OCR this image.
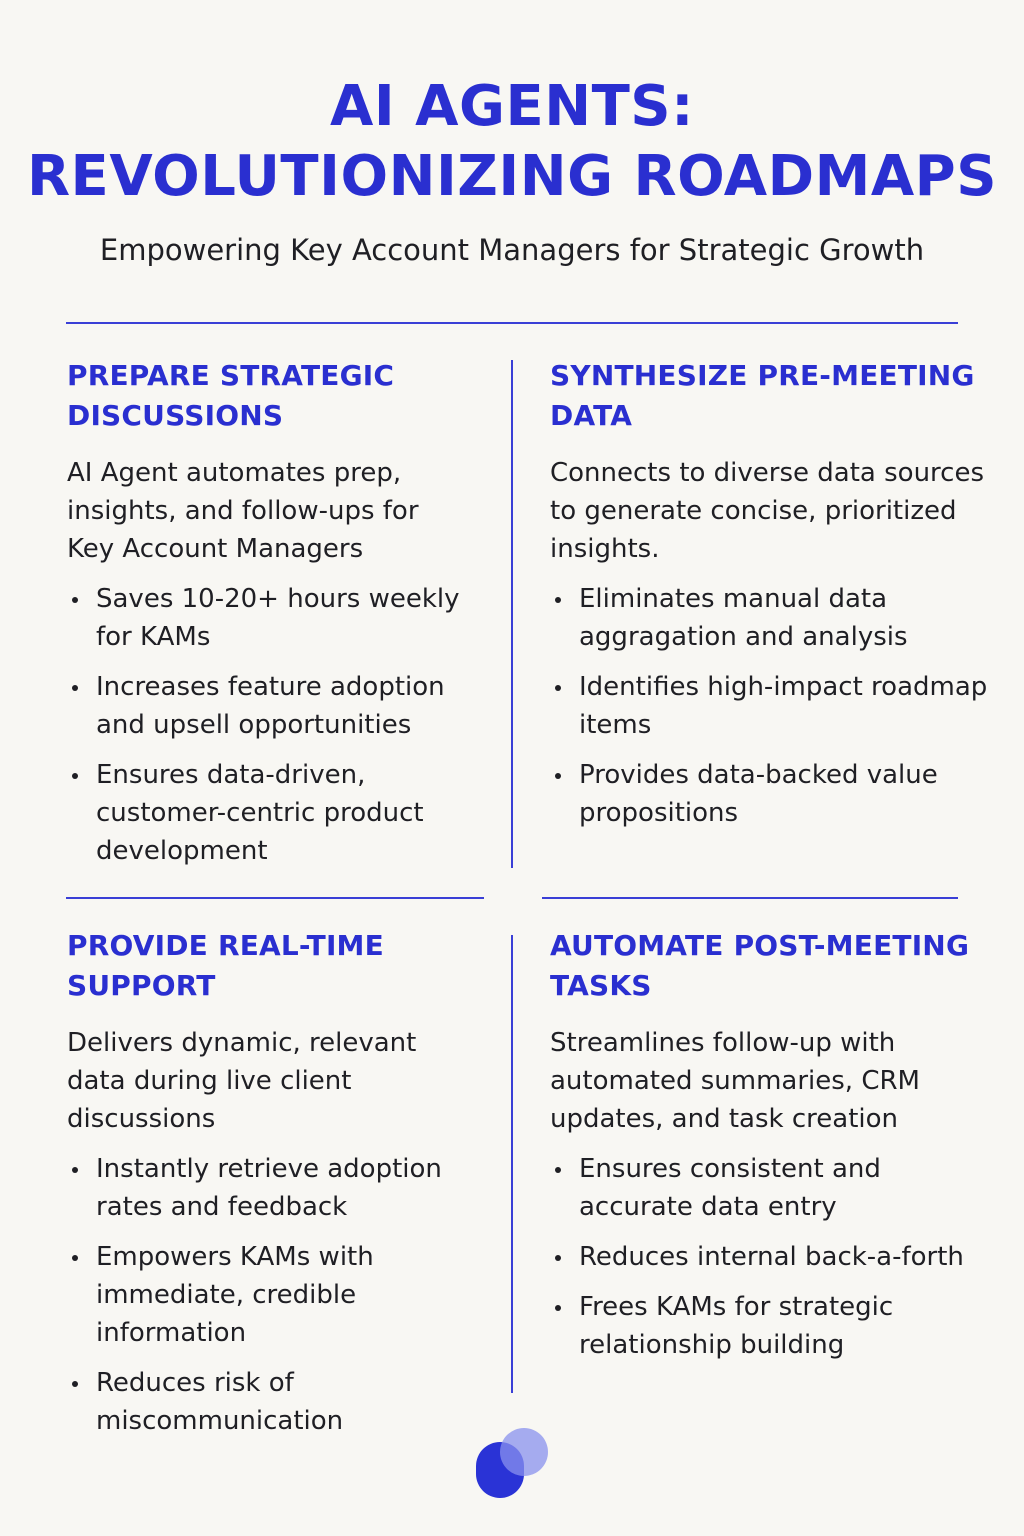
AI AGENTS:
REVOLUTIONIZING ROADMAPS

Empowering Key Account Managers for Strategic Growth

PREPARE STRATEGIC DISCUSSIONS

AI Agent automates prep, insights, and follow-ups for Key Account Managers

Saves 10-20+ hours weekly for KAMs
Increases feature adoption and upsell opportunities
Ensures data-driven, customer-centric product development
SYNTHESIZE PRE-MEETING DATA

Connects to diverse data sources to generate concise, prioritized insights.

Eliminates manual data aggragation and analysis
Identifies high-impact roadmap items
Provides data-backed value propositions
PROVIDE REAL-TIME SUPPORT

Delivers dynamic, relevant data during live client discussions

Instantly retrieve adoption rates and feedback
Empowers KAMs with immediate, credible information
Reduces risk of miscommunication
AUTOMATE POST-MEETING TASKS

Streamlines follow-up with automated summaries, CRM updates, and task creation

Ensures consistent and accurate data entry
Reduces internal back-a-forth
Frees KAMs for strategic relationship building
